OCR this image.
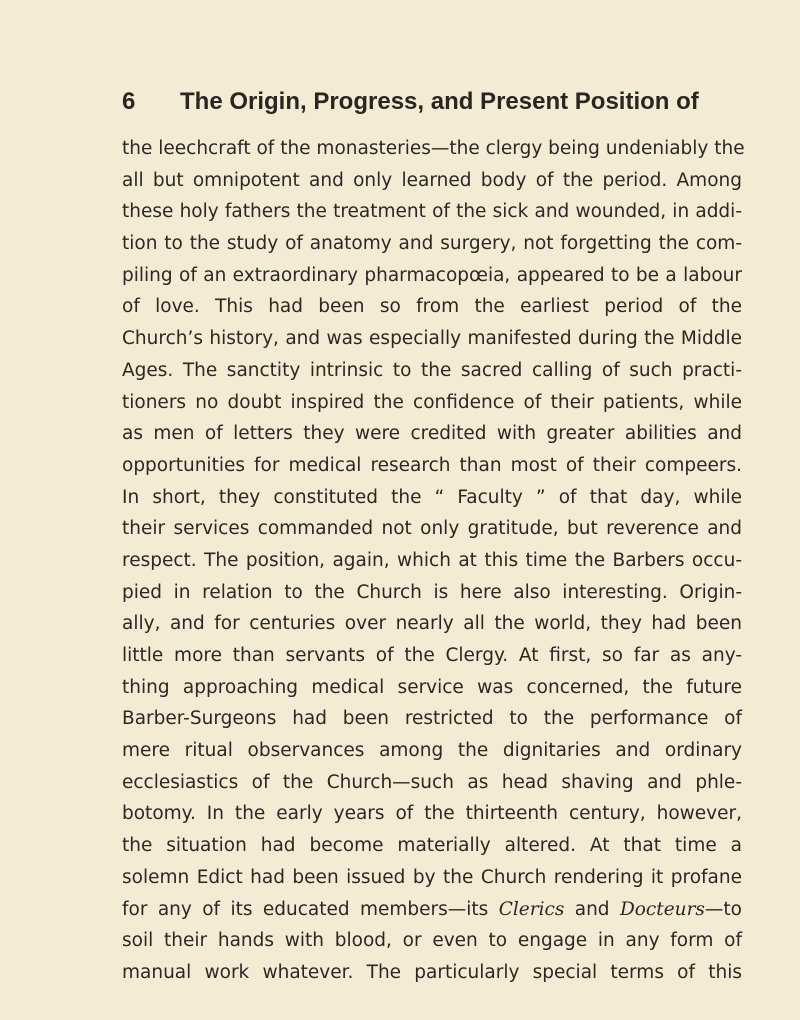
6 The Origin, Progress, and Present Position of
the leechcraft of the monasteries—the clergy being undeniably the
all but omnipotent and only learned body of the period. Among
these holy fathers the treatment of the sick and wounded, in addi-
tion to the study of anatomy and surgery, not forgetting the com-
piling of an extraordinary pharmacopœia, appeared to be a labour
of love. This had been so from the earliest period of the
Church’s history, and was especially manifested during the Middle
Ages. The sanctity intrinsic to the sacred calling of such practi-
tioners no doubt inspired the confidence of their patients, while
as men of letters they were credited with greater abilities and
opportunities for medical research than most of their compeers.
In short, they constituted the “ Faculty ” of that day, while
their services commanded not only gratitude, but reverence and
respect. The position, again, which at this time the Barbers occu-
pied in relation to the Church is here also interesting. Origin-
ally, and for centuries over nearly all the world, they had been
little more than servants of the Clergy. At first, so far as any-
thing approaching medical service was concerned, the future
Barber-Surgeons had been restricted to the performance of
mere ritual observances among the dignitaries and ordinary
ecclesiastics of the Church—such as head shaving and phle-
botomy. In the early years of the thirteenth century, however,
the situation had become materially altered. At that time a
solemn Edict had been issued by the Church rendering it profane
for any of its educated members—its Clerics and Docteurs—to
soil their hands with blood, or even to engage in any form of
manual work whatever. The particularly special terms of this
